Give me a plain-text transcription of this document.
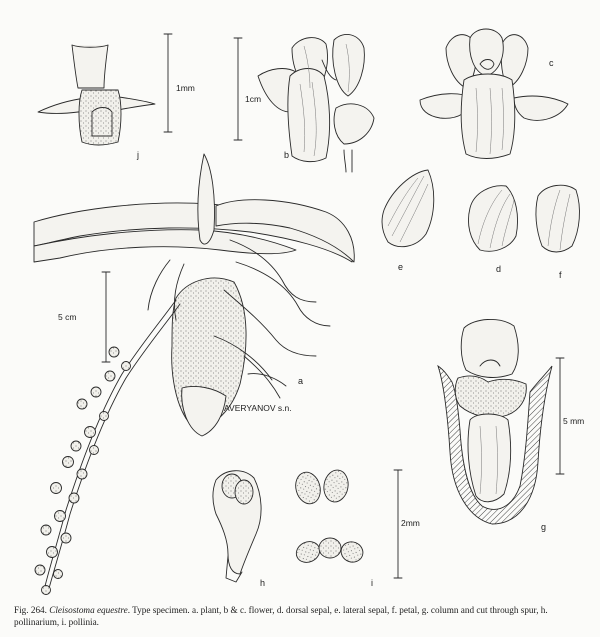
1mm
j
1cm
b
c
e	d
f
5 cm
a
AVERYANOV s.n.
5 mm
g
h
2mm
i
Fig. 264. Cleisostoma equestre. Type specimen. a. plant, b & c. flower, d. dorsal sepal, e. lateral sepal, f. petal, g. column and cut through spur, h. pollinarium, i. pollinia.
